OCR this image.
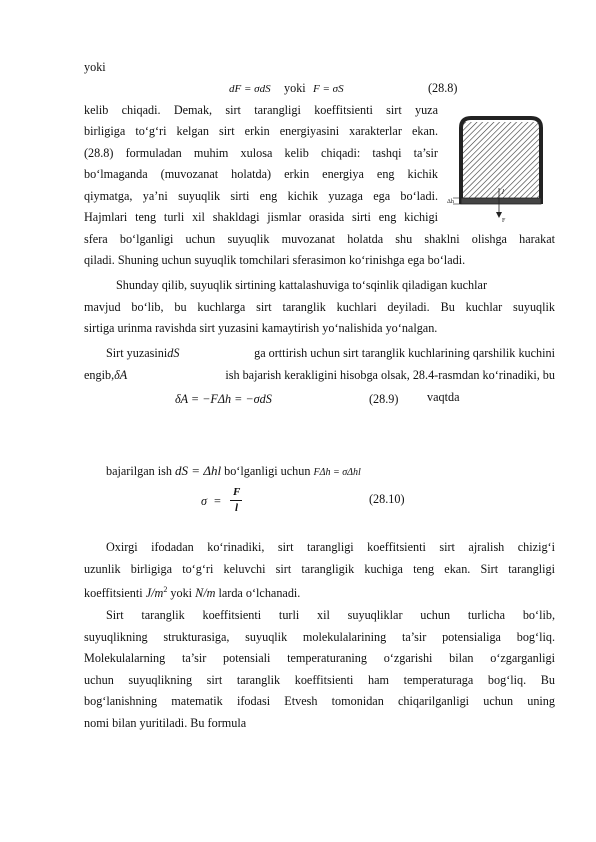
yoki
dF = σdS yoki F = σS	(28.8)
kelib chiqadi. Demak, sirt tarangligi koeffitsienti sirt yuza
birligiga to‘g‘ri kelgan sirt erkin energiyasini xarakterlar ekan.
(28.8) formuladan muhim xulosa kelib chiqadi: tashqi ta’sir
bo‘lmaganda (muvozanat holatda) erkin energiya eng kichik
qiymatga, ya’ni suyuqlik sirti eng kichik yuzaga ega bo‘ladi.
Hajmlari teng turli xil shakldagi jismlar orasida sirti eng kichigi
sfera bo‘lganligi uchun suyuqlik muvozanat holatda shu shaklni olishga harakat
qiladi. Shuning uchun suyuqlik tomchilari sferasimon ko‘rinishga ega bo‘ladi.
Δh
l
F
Shunday qilib, suyuqlik sirtining kattalashuviga to‘sqinlik qiladigan kuchlar
mavjud bo‘lib, bu kuchlarga sirt taranglik kuchlari deyiladi. Bu kuchlar suyuqlik
sirtiga urinma ravishda sirt yuzasini kamaytirish yo‘nalishida yo‘nalgan.
Sirt yuzasini dS	ga orttirish uchun sirt taranglik kuchlarining qarshilik kuchini
engib, δA	ish bajarish kerakligini hisobga olsak, 28.4-rasmdan ko‘rinadiki, bu
δA = −FΔh = −σdS	(28.9) vaqtda
bajarilgan ish dS = Δhl bo‘lganligi uchun FΔh = σΔhl
σ =
F
l
(28.10)
Oxirgi ifodadan ko‘rinadiki, sirt tarangligi koeffitsienti sirt ajralish chizig‘i
uzunlik birligiga to‘g‘ri keluvchi sirt tarangligik kuchiga teng ekan. Sirt tarangligi
koeffitsienti $J/m^2$ yoki N/m larda o‘lchanadi.
Sirt taranglik koeffitsienti turli xil suyuqliklar uchun turlicha bo‘lib,
suyuqlikning strukturasiga, suyuqlik molekulalarining ta’sir potensialiga bog‘liq.
Molekulalarning ta’sir potensiali temperaturaning o‘zgarishi bilan o‘zgarganligi
uchun suyuqlikning sirt taranglik koeffitsienti ham temperaturaga bog‘liq. Bu
bog‘lanishning matematik ifodasi Etvesh tomonidan chiqarilganligi uchun uning
nomi bilan yuritiladi. Bu formula
